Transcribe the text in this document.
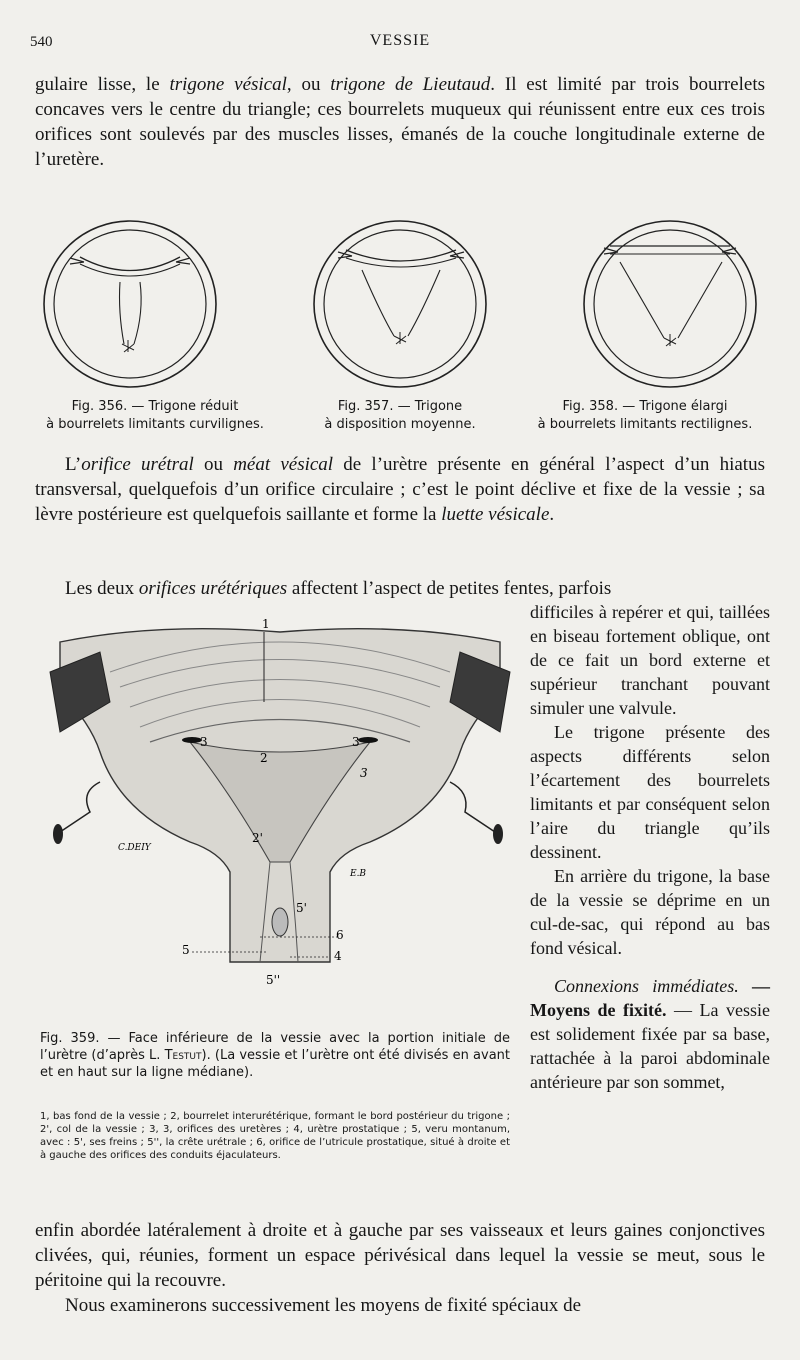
540	VESSIE

gulaire lisse, le trigone vésical, ou trigone de Lieutaud. Il est limité par trois bourrelets concaves vers le centre du triangle; ces bourrelets muqueux qui réunissent entre eux ces trois orifices sont soulevés par des muscles lisses, émanés de la couche longitudinale externe de l’uretère.

Fig. 356. — Trigone réduit
à bourrelets limitants curvilignes.
Fig. 357. — Trigone
à disposition moyenne.
Fig. 358. — Trigone élargi
à bourrelets limitants rectilignes.

L’orifice urétral ou méat vésical de l’urètre présente en général l’aspect d’un hiatus transversal, quelquefois d’un orifice circulaire ; c’est le point déclive et fixe de la vessie ; sa lèvre postérieure est quelquefois saillante et forme la luette vésicale.

Les deux orifices urétériques affectent l’aspect de petites fentes, parfois

1
2
2'
3	3
3
4
5
5'
5''
6
C.DEIY
E.B
Fig. 359. — Face inférieure de la vessie avec la portion initiale de l’urètre (d’après L. Testut). (La vessie et l’urètre ont été divisés en avant et en haut sur la ligne médiane).
1, bas fond de la vessie ; 2, bourrelet interurétérique, formant le bord postérieur du trigone ; 2', col de la vessie ; 3, 3, orifices des uretères ; 4, urètre prostatique ; 5, veru montanum, avec : 5', ses freins ; 5'', la crête urétrale ; 6, orifice de l’utricule prostatique, situé à droite et à gauche des orifices des conduits éjaculateurs.

difficiles à repérer et qui, taillées en biseau fortement oblique, ont de ce fait un bord externe et supérieur tranchant pouvant simuler une valvule.

Le trigone présente des aspects différents selon l’écartement des bourrelets limitants et par conséquent selon l’aire du triangle qu’ils dessinent.

En arrière du trigone, la base de la vessie se déprime en un cul-de-sac, qui répond au bas fond vésical.

Connexions immédiates. — Moyens de fixité. — La vessie est solidement fixée par sa base, rattachée à la paroi abdominale antérieure par son sommet,

enfin abordée latéralement à droite et à gauche par ses vaisseaux et leurs gaines conjonctives clivées, qui, réunies, forment un espace périvésical dans lequel la vessie se meut, sous le péritoine qui la recouvre.

Nous examinerons successivement les moyens de fixité spéciaux de
